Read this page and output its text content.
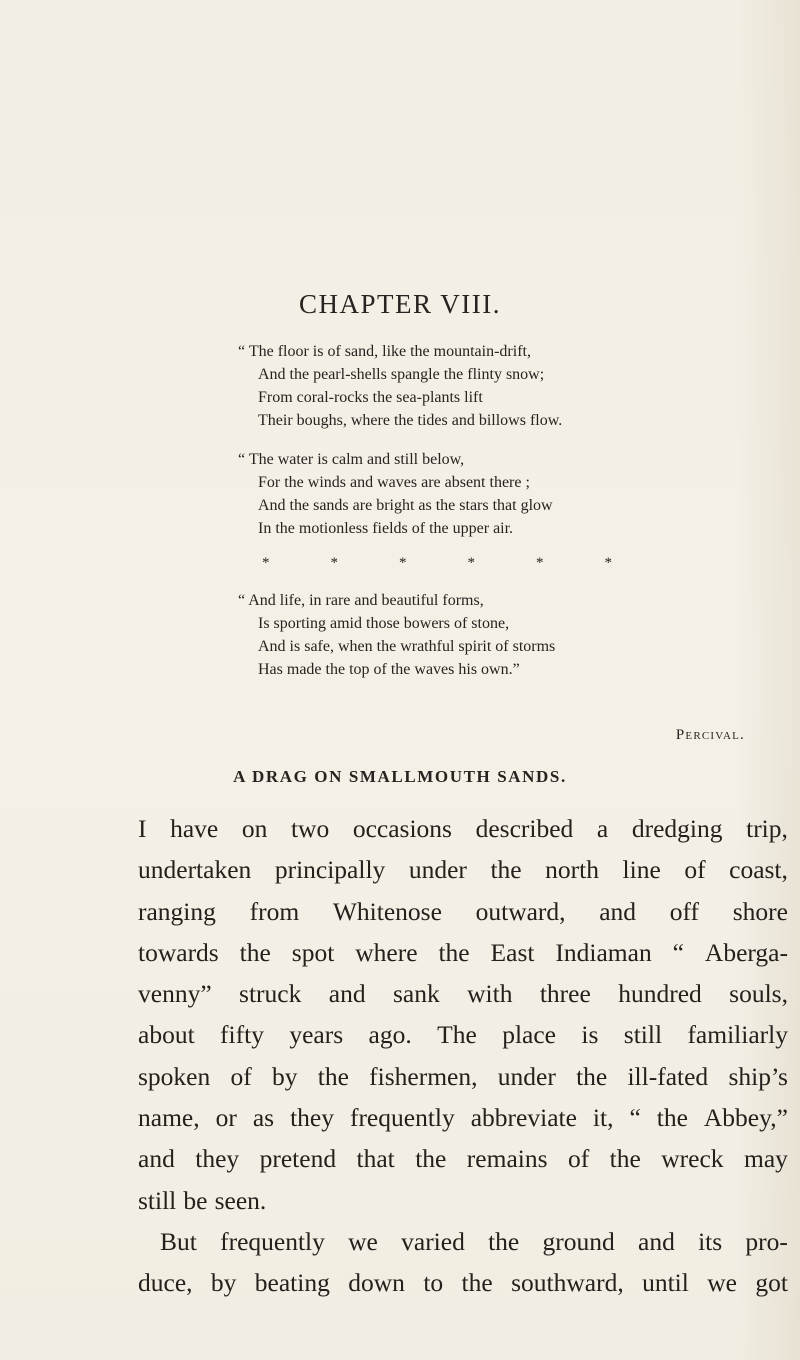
CHAPTER VIII.
“ The floor is of sand, like the mountain-drift,
And the pearl-shells spangle the flinty snow;
From coral-rocks the sea-plants lift
Their boughs, where the tides and billows flow.
“ The water is calm and still below,
For the winds and waves are absent there ;
And the sands are bright as the stars that glow
In the motionless fields of the upper air.
*	*	*	*	*	*
“ And life, in rare and beautiful forms,
Is sporting amid those bowers of stone,
And is safe, when the wrathful spirit of storms
Has made the top of the waves his own.”

Percival.

A DRAG ON SMALLMOUTH SANDS.
I have on two occasions described a dredging trip,
undertaken principally under the north line of coast,
ranging from Whitenose outward, and off shore
towards the spot where the East Indiaman “ Aberga-
venny” struck and sank with three hundred souls,
about fifty years ago. The place is still familiarly
spoken of by the fishermen, under the ill-fated ship’s
name, or as they frequently abbreviate it, “ the Abbey,”
and they pretend that the remains of the wreck may
still be seen.
But frequently we varied the ground and its pro-
duce, by beating down to the southward, until we got
